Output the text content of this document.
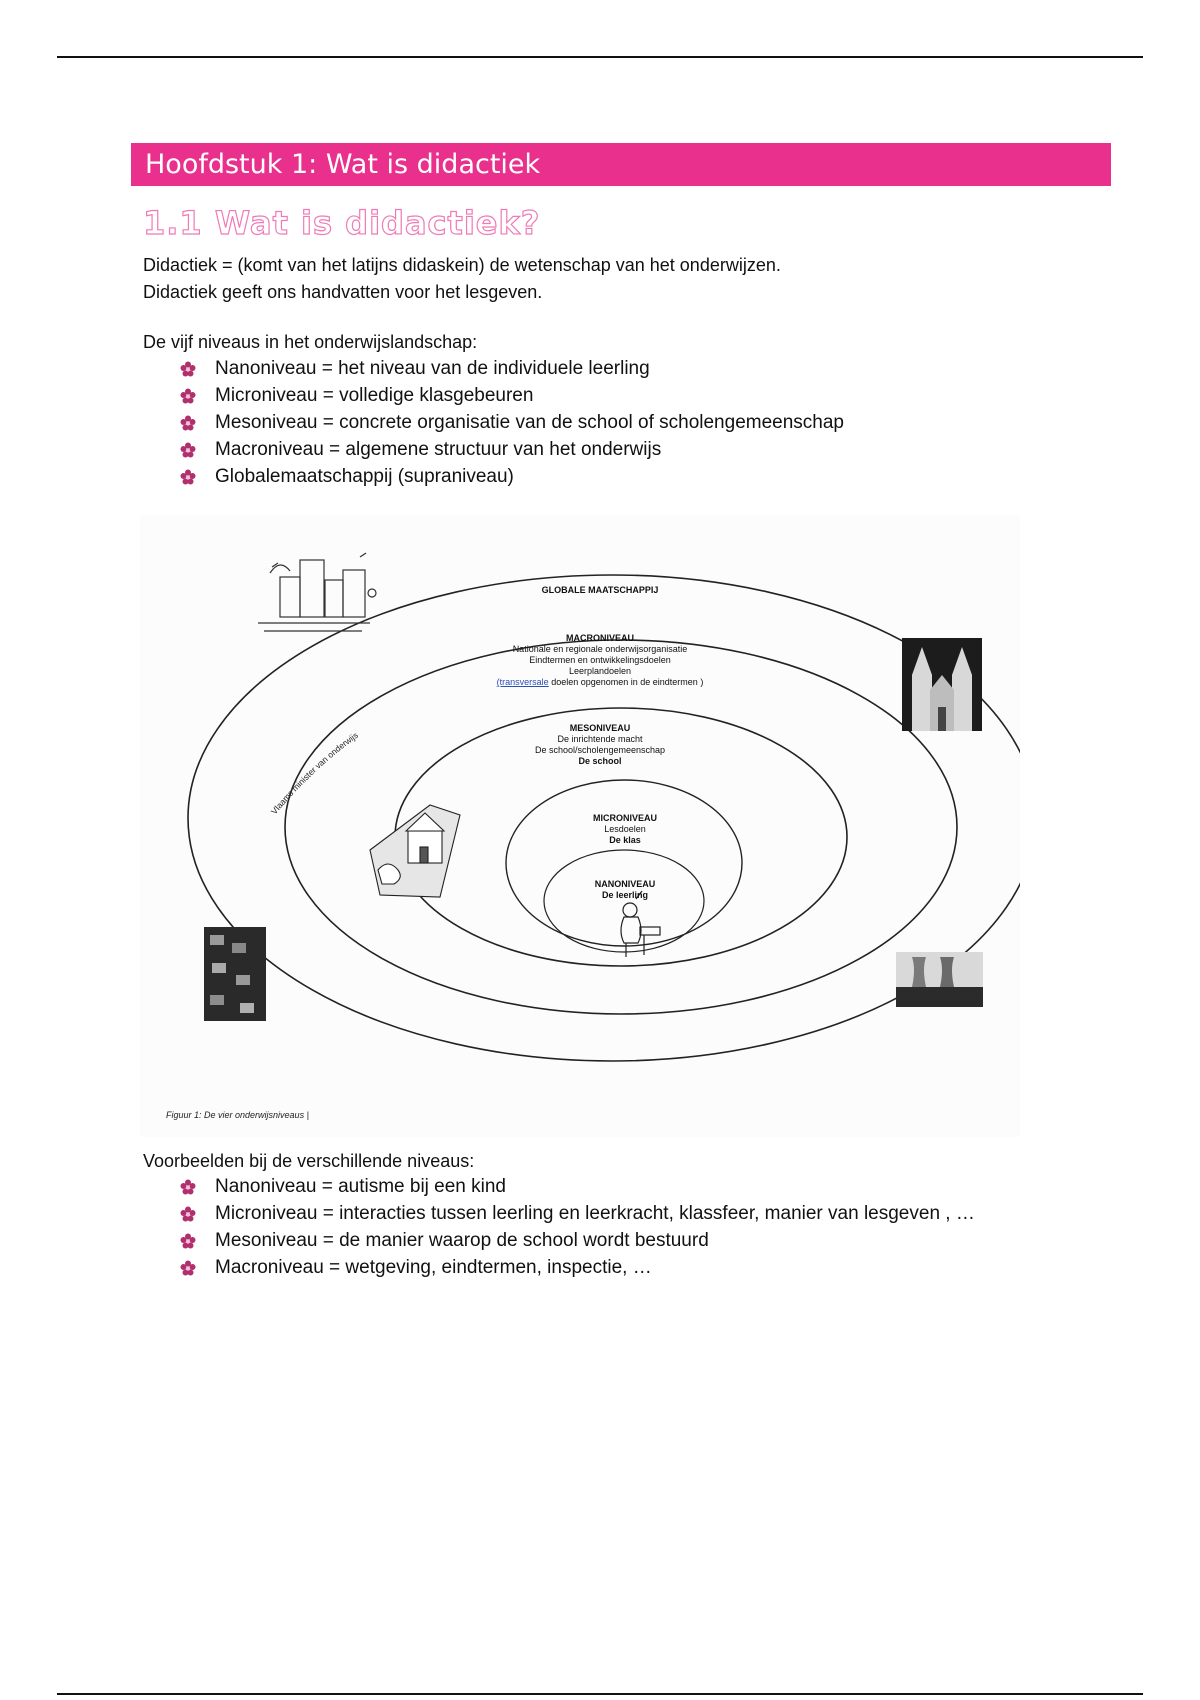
Hoofdstuk 1: Wat is didactiek
1.1 Wat is didactiek?
Didactiek = (komt van het latijns didaskein) de wetenschap van het onderwijzen.
Didactiek geeft ons handvatten voor het lesgeven.
De vijf niveaus in het onderwijslandschap:
Nanoniveau = het niveau van de individuele leerling
Microniveau = volledige klasgebeuren
Mesoniveau = concrete organisatie van de school of scholengemeenschap
Macroniveau = algemene structuur van het onderwijs
Globalemaatschappij (supraniveau)
Vlaams minister van onderwijs
GLOBALE MAATSCHAPPIJ
MACRONIVEAU
Nationale en regionale onderwijsorganisatie
Eindtermen en ontwikkelingsdoelen
Leerplandoelen
(transversale doelen opgenomen in de eindtermen )
MESONIVEAU
De inrichtende macht
De school/scholengemeenschap
De school
MICRONIVEAU
Lesdoelen
De klas
NANONIVEAU
De leerling
Figuur 1: De vier onderwijsniveaus |
Voorbeelden bij de verschillende niveaus:
Nanoniveau = autisme bij een kind
Microniveau = interacties tussen leerling en leerkracht, klassfeer, manier van lesgeven , …
Mesoniveau = de manier waarop de school wordt bestuurd
Macroniveau = wetgeving, eindtermen, inspectie, …
